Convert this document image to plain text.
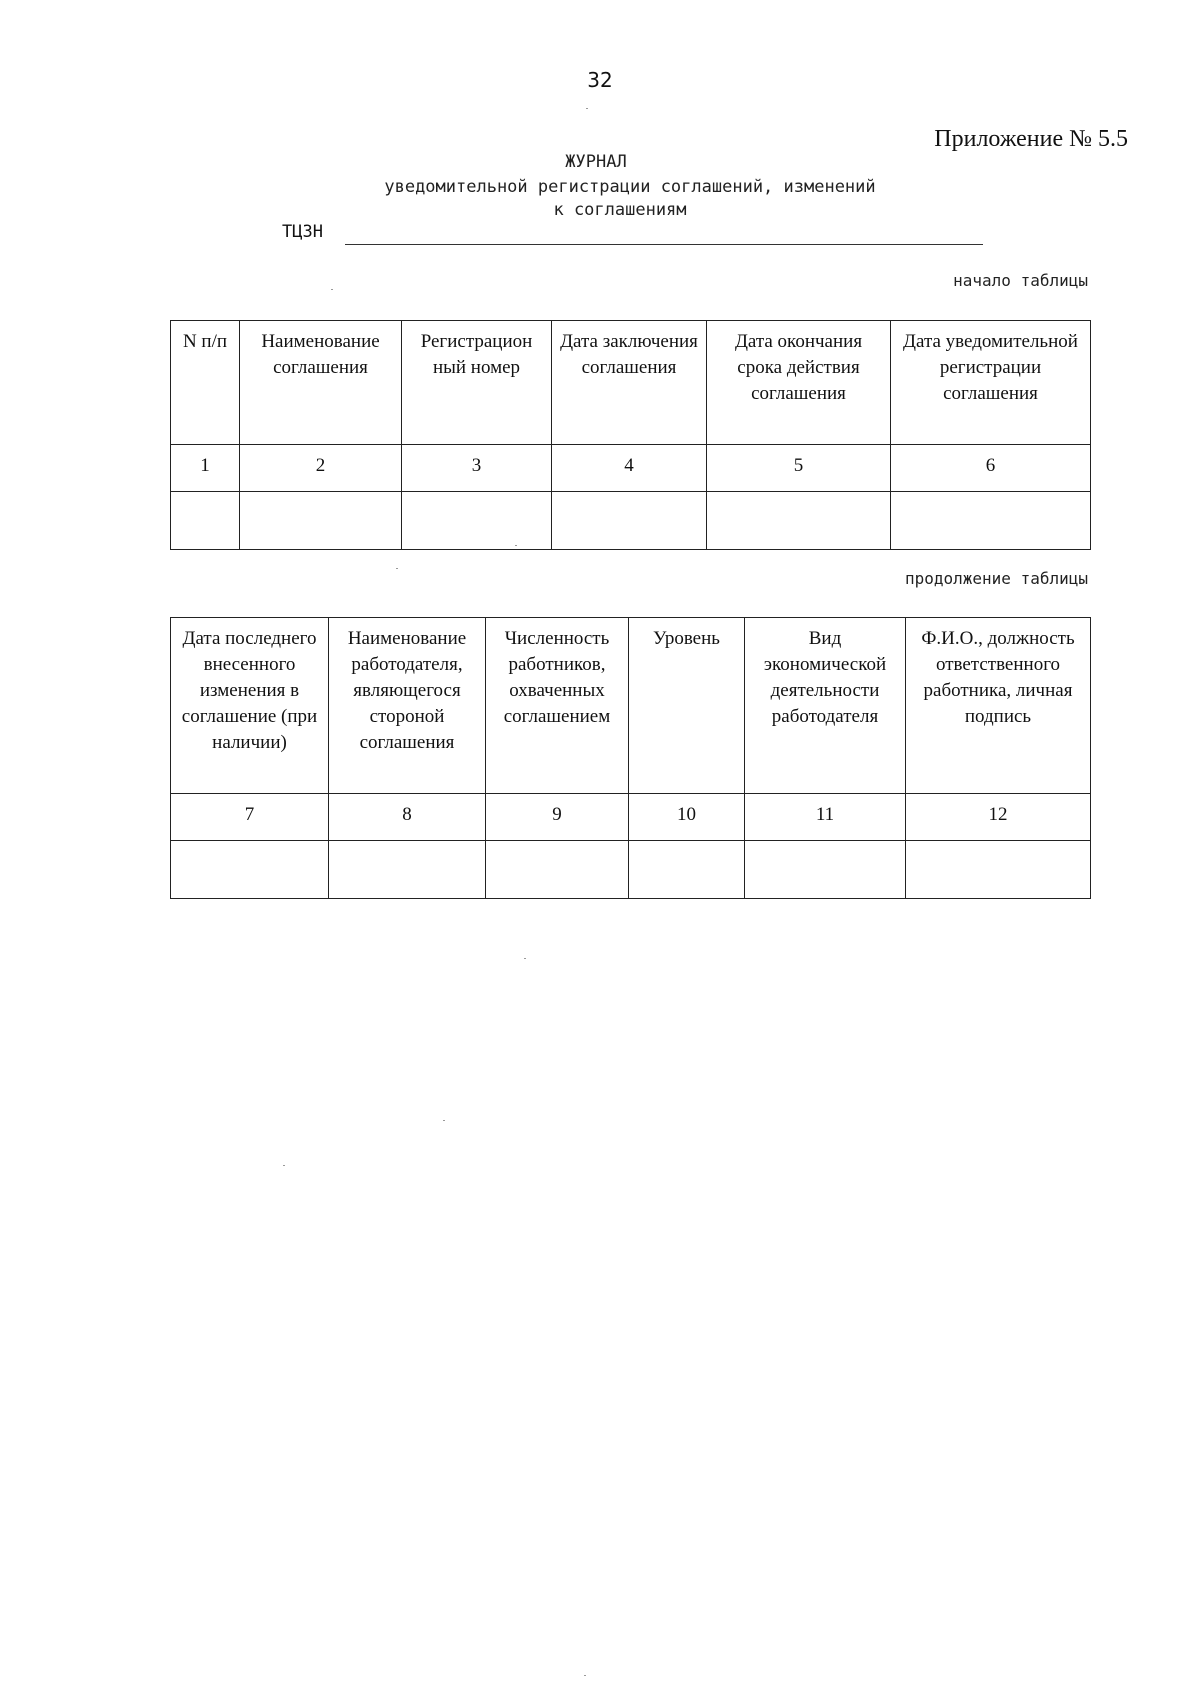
32
Приложение № 5.5
ЖУРНАЛ
уведомительной регистрации соглашений, изменений
к соглашениям
ТЦЗН
начало таблицы
N п/п	Наименование соглашения	Регистрацион ный номер	Дата заключения соглашения	Дата окончания срока действия соглашения	Дата уведомительной регистрации соглашения
1	2	3	4	5	6

продолжение таблицы
Дата последнего внесенного изменения в соглашение (при наличии)	Наименование работодателя, являющегося стороной соглашения	Численность работников, охваченных соглашением	Уровень	Вид экономической деятельности работодателя	Ф.И.О., должность ответственного работника, личная подпись
7	8	9	10	11	12
